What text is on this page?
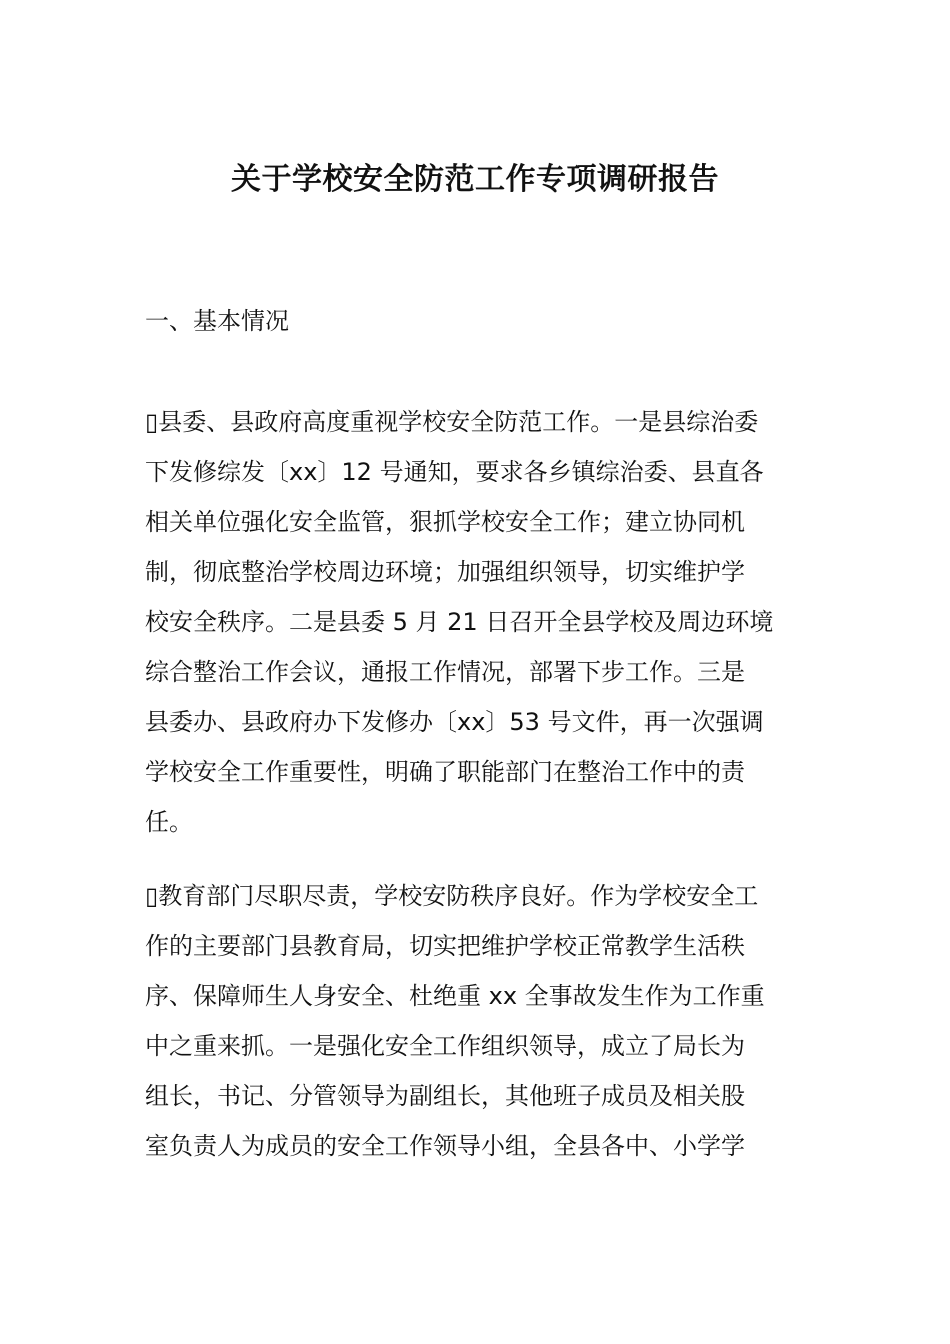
关于学校安全防范工作专项调研报告
一、基本情况
▯县委、县政府高度重视学校安全防范工作。一是县综治委
下发修综发〔xx〕12 号通知，要求各乡镇综治委、县直各
相关单位强化安全监管，狠抓学校安全工作；建立协同机
制，彻底整治学校周边环境；加强组织领导，切实维护学
校安全秩序。二是县委 5 月 21 日召开全县学校及周边环境
综合整治工作会议，通报工作情况，部署下步工作。三是
县委办、县政府办下发修办〔xx〕53 号文件，再一次强调
学校安全工作重要性，明确了职能部门在整治工作中的责
任。
▯教育部门尽职尽责，学校安防秩序良好。作为学校安全工
作的主要部门县教育局，切实把维护学校正常教学生活秩
序、保障师生人身安全、杜绝重 xx 全事故发生作为工作重
中之重来抓。一是强化安全工作组织领导，成立了局长为
组长，书记、分管领导为副组长，其他班子成员及相关股
室负责人为成员的安全工作领导小组，全县各中、小学学
